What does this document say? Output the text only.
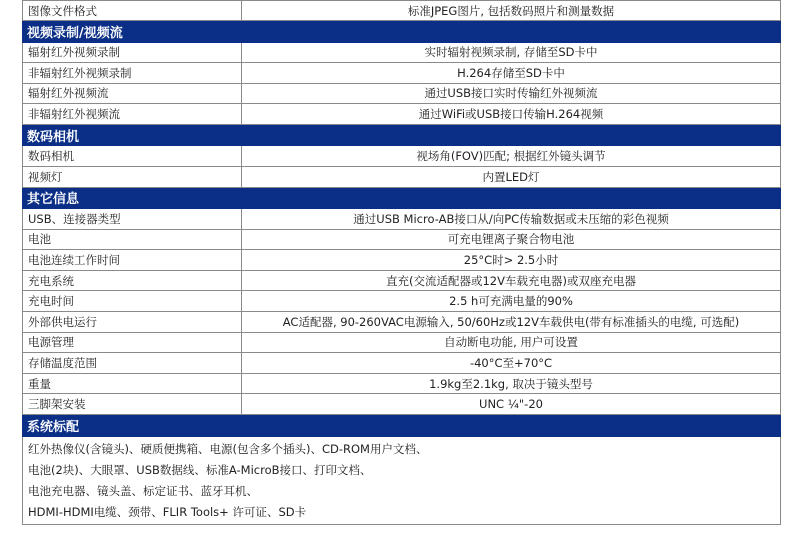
图像文件格式	标准JPEG图片, 包括数码照片和测量数据
视频录制/视频流	
辐射红外视频录制	实时辐射视频录制, 存储至SD卡中
非辐射红外视频录制	H.264存储至SD卡中
辐射红外视频流	通过USB接口实时传输红外视频流
非辐射红外视频流	通过WiFi或USB接口传输H.264视频
数码相机	
数码相机	视场角(FOV)匹配; 根据红外镜头调节
视频灯	内置LED灯
其它信息	
USB、连接器类型	通过USB Micro-AB接口从/向PC传输数据或未压缩的彩色视频
电池	可充电锂离子聚合物电池
电池连续工作时间	25°C时> 2.5小时
充电系统	直充(交流适配器或12V车载充电器)或双座充电器
充电时间	2.5 h可充满电量的90%
外部供电运行	AC适配器, 90-260VAC电源输入, 50/60Hz或12V车载供电(带有标准插头的电缆, 可选配)
电源管理	自动断电功能, 用户可设置
存储温度范围	-40°C至+70°C
重量	1.9kg至2.1kg, 取决于镜头型号
三脚架安装	UNC ¼"-20
系统标配	

红外热像仪(含镜头)、硬质便携箱、电源(包含多个插头)、CD-ROM用户文档、
电池(2块)、大眼罩、USB数据线、标准A-MicroB接口、打印文档、
电池充电器、镜头盖、标定证书、蓝牙耳机、
HDMI-HDMI电缆、颈带、FLIR Tools+ 许可证、SD卡	
